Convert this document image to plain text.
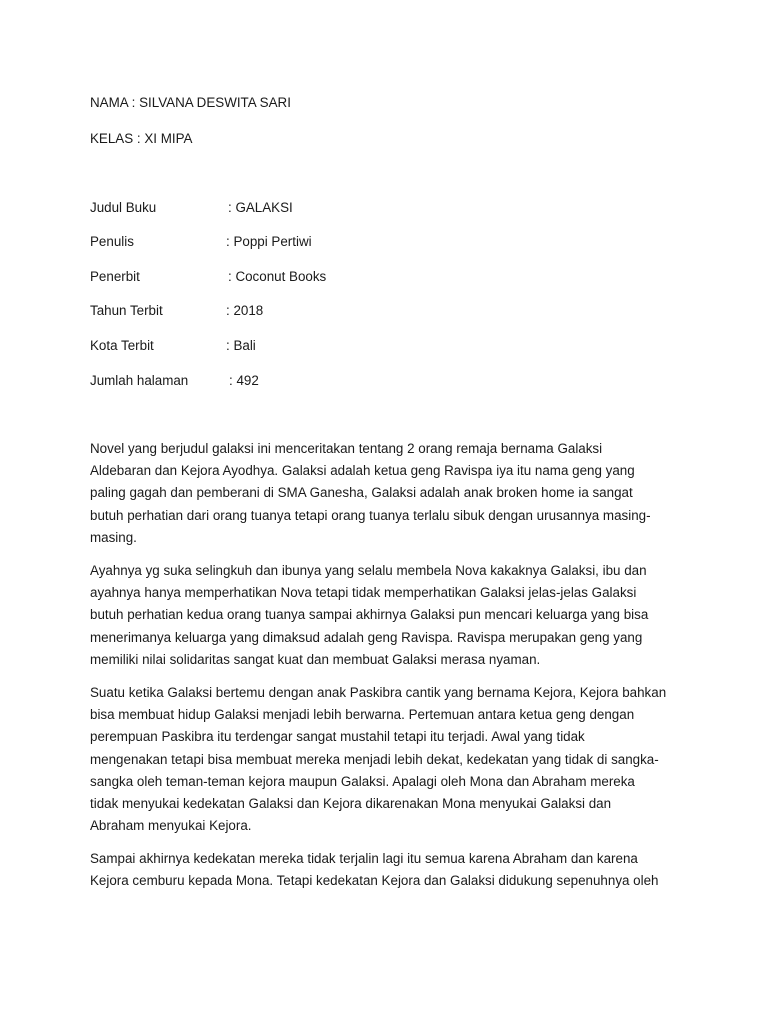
NAMA : SILVANA DESWITA SARI
KELAS : XI MIPA
Judul Buku	: GALAKSI
Penulis	: Poppi Pertiwi
Penerbit	: Coconut Books
Tahun Terbit	: 2018
Kota Terbit	: Bali
Jumlah halaman	: 492
Novel yang berjudul galaksi ini menceritakan tentang 2 orang remaja bernama Galaksi
Aldebaran dan Kejora Ayodhya. Galaksi adalah ketua geng Ravispa iya itu nama geng yang
paling gagah dan pemberani di SMA Ganesha, Galaksi adalah anak broken home ia sangat
butuh perhatian dari orang tuanya tetapi orang tuanya terlalu sibuk dengan urusannya masing-
masing.
Ayahnya yg suka selingkuh dan ibunya yang selalu membela Nova kakaknya Galaksi, ibu dan
ayahnya hanya memperhatikan Nova tetapi tidak memperhatikan Galaksi jelas-jelas Galaksi
butuh perhatian kedua orang tuanya sampai akhirnya Galaksi pun mencari keluarga yang bisa
menerimanya keluarga yang dimaksud adalah geng Ravispa. Ravispa merupakan geng yang
memiliki nilai solidaritas sangat kuat dan membuat Galaksi merasa nyaman.
Suatu ketika Galaksi bertemu dengan anak Paskibra cantik yang bernama Kejora, Kejora bahkan
bisa membuat hidup Galaksi menjadi lebih berwarna. Pertemuan antara ketua geng dengan
perempuan Paskibra itu terdengar sangat mustahil tetapi itu terjadi. Awal yang tidak
mengenakan tetapi bisa membuat mereka menjadi lebih dekat, kedekatan yang tidak di sangka-
sangka oleh teman-teman kejora maupun Galaksi. Apalagi oleh Mona dan Abraham mereka
tidak menyukai kedekatan Galaksi dan Kejora dikarenakan Mona menyukai Galaksi dan
Abraham menyukai Kejora.
Sampai akhirnya kedekatan mereka tidak terjalin lagi itu semua karena Abraham dan karena
Kejora cemburu kepada Mona. Tetapi kedekatan Kejora dan Galaksi didukung sepenuhnya oleh
